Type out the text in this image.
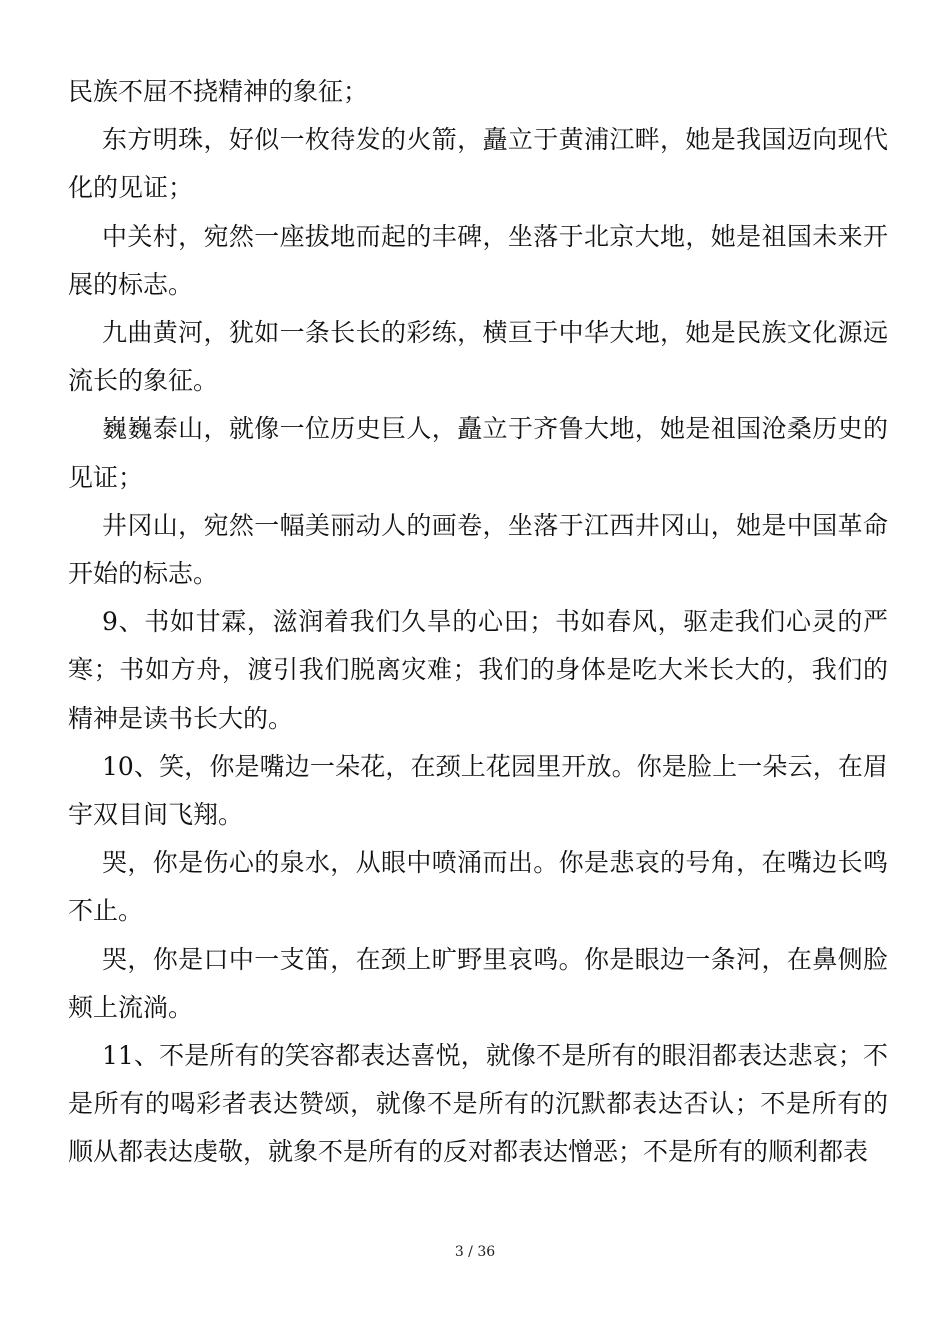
民族不屈不挠精神的象征；

东方明珠，好似一枚待发的火箭，矗立于黄浦江畔，她是我国迈向现代化的见证；

中关村，宛然一座拔地而起的丰碑，坐落于北京大地，她是祖国未来开展的标志。

九曲黄河，犹如一条长长的彩练，横亘于中华大地，她是民族文化源远流长的象征。

巍巍泰山，就像一位历史巨人，矗立于齐鲁大地，她是祖国沧桑历史的见证；

井冈山，宛然一幅美丽动人的画卷，坐落于江西井冈山，她是中国革命开始的标志。

9、书如甘霖，滋润着我们久旱的心田；书如春风，驱走我们心灵的严寒；书如方舟，渡引我们脱离灾难；我们的身体是吃大米长大的，我们的精神是读书长大的。

10、笑，你是嘴边一朵花，在颈上花园里开放。你是脸上一朵云，在眉宇双目间飞翔。

哭，你是伤心的泉水，从眼中喷涌而出。你是悲哀的号角，在嘴边长鸣不止。

哭，你是口中一支笛，在颈上旷野里哀鸣。你是眼边一条河，在鼻侧脸颊上流淌。

11、不是所有的笑容都表达喜悦，就像不是所有的眼泪都表达悲哀；不是所有的喝彩者表达赞颂，就像不是所有的沉默都表达否认；不是所有的顺从都表达虔敬，就象不是所有的反对都表达憎恶；不是所有的顺利都表

3 / 36
